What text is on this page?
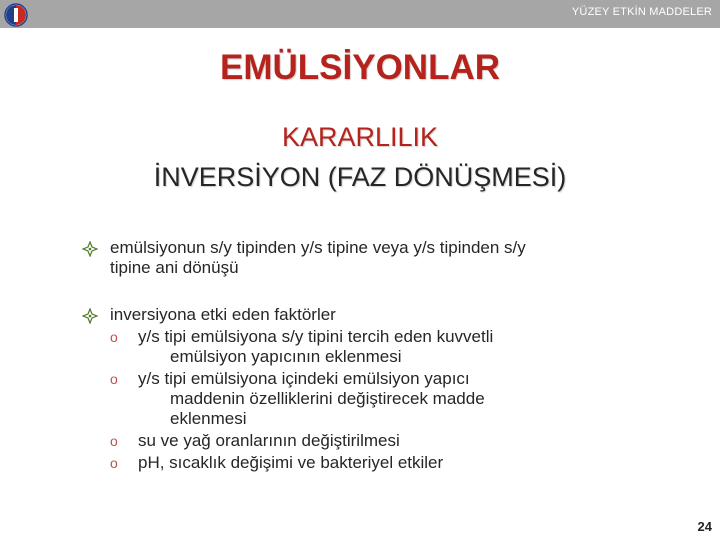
YÜZEY ETKİN MADDELER
EMÜLSİYONLAR
KARARLILIK
İNVERSİYON (FAZ DÖNÜŞMESİ)
emülsiyonun s/y tipinden y/s tipine veya y/s tipinden s/y
tipine ani dönüşü
inversiyona etki eden faktörler
o y/s tipi emülsiyona s/y tipini tercih eden kuvvetli
emülsiyon yapıcının eklenmesi
o y/s tipi emülsiyona içindeki emülsiyon yapıcı
maddenin özelliklerini değiştirecek madde
eklenmesi
o su ve yağ oranlarının değiştirilmesi
o pH, sıcaklık değişimi ve bakteriyel etkiler
24
